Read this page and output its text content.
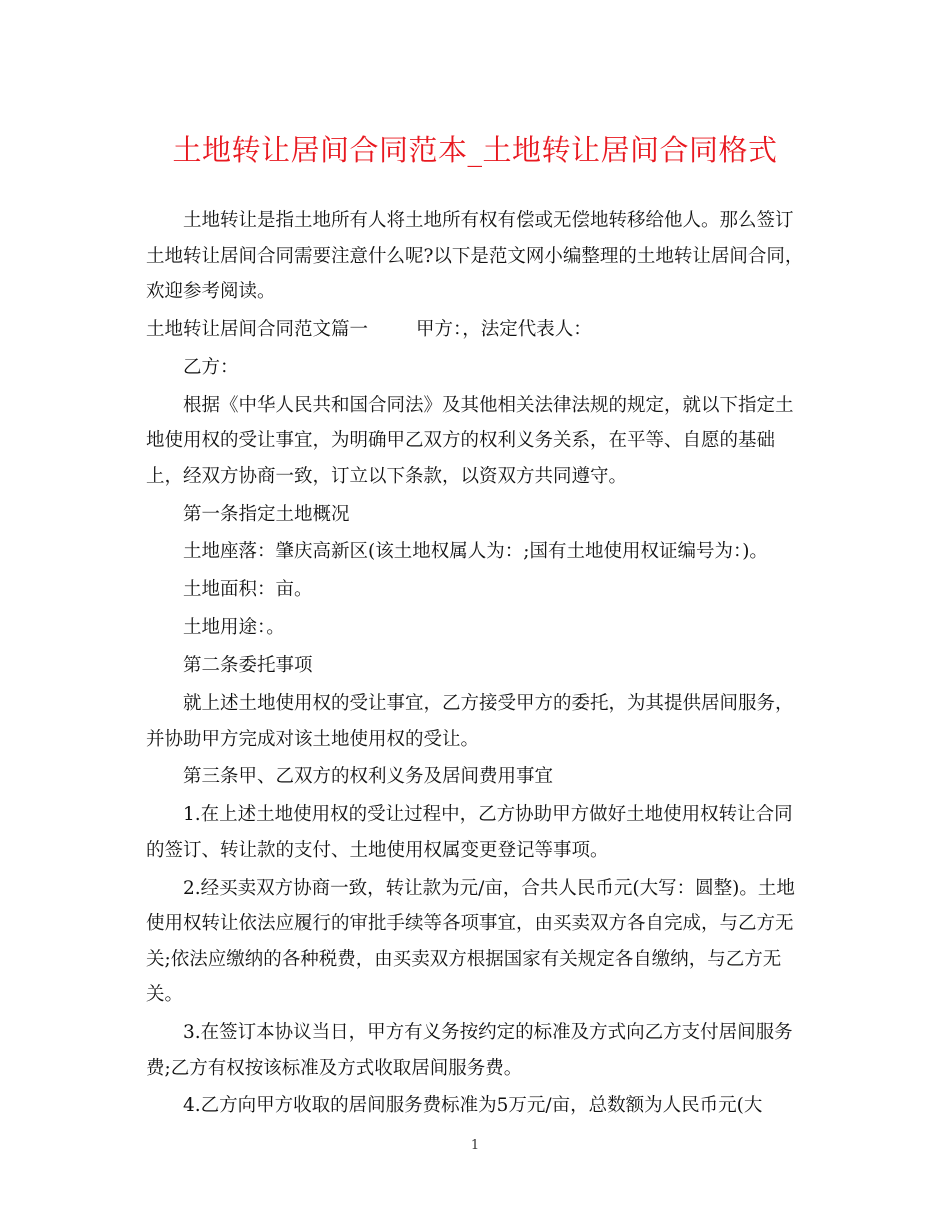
土地转让居间合同范本_土地转让居间合同格式

土地转让是指土地所有人将土地所有权有偿或无偿地转移给他人。那么签订土地转让居间合同需要注意什么呢?以下是范文网小编整理的土地转让居间合同，欢迎参考阅读。

土地转让居间合同范文篇一	甲方：，法定代表人：

乙方：

根据《中华人民共和国合同法》及其他相关法律法规的规定，就以下指定土地使用权的受让事宜，为明确甲乙双方的权利义务关系，在平等、自愿的基础上，经双方协商一致，订立以下条款，以资双方共同遵守。

第一条指定土地概况

土地座落：肇庆高新区(该土地权属人为：;国有土地使用权证编号为：)。

土地面积：亩。

土地用途：。

第二条委托事项

就上述土地使用权的受让事宜，乙方接受甲方的委托，为其提供居间服务，并协助甲方完成对该土地使用权的受让。

第三条甲、乙双方的权利义务及居间费用事宜

1.在上述土地使用权的受让过程中，乙方协助甲方做好土地使用权转让合同的签订、转让款的支付、土地使用权属变更登记等事项。

2.经买卖双方协商一致，转让款为元/亩，合共人民币元(大写：圆整)。土地使用权转让依法应履行的审批手续等各项事宜，由买卖双方各自完成，与乙方无关;依法应缴纳的各种税费，由买卖双方根据国家有关规定各自缴纳，与乙方无关。

3.在签订本协议当日，甲方有义务按约定的标准及方式向乙方支付居间服务费;乙方有权按该标准及方式收取居间服务费。

4.乙方向甲方收取的居间服务费标准为5万元/亩，总数额为人民币元(大

1
